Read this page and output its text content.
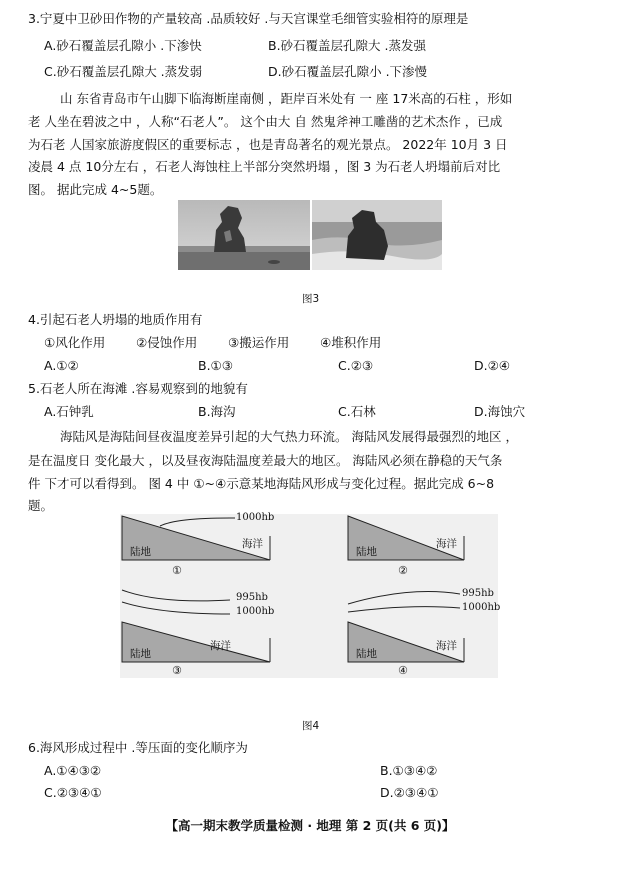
3.宁夏中卫砂田作物的产量较高 .品质较好 .与天宫课堂毛细管实验相符的原理是
A.砂石覆盖层孔隙小 .下渗快	B.砂石覆盖层孔隙大 .蒸发强
C.砂石覆盖层孔隙大 .蒸发弱	D.砂石覆盖层孔隙小 .下渗慢
山 东省青岛市午山脚下临海断崖南侧 ，距岸百米处有 一 座 17米高的石柱 ，形如
老 人坐在碧波之中 ，人称“石老人”。 这个由大 自 然鬼斧神工雕凿的艺术杰作 ，已成
为石老 人国家旅游度假区的重要标志 ，也是青岛著名的观光景点。 2022年 10月 3 日
凌晨 4 点 10分左右 ，石老人海蚀柱上半部分突然坍塌 ，图 3 为石老人坍塌前后对比
图。 据此完成 4~5题。
图3
4.引起石老人坍塌的地质作用有
①风化作用 ②侵蚀作用 ③搬运作用 ④堆积作用
A.①②	B.①③	C.②③	D.②④
5.石老人所在海滩 .容易观察到的地貌有
A.石钟乳	B.海沟	C.石林	D.海蚀穴
海陆风是海陆间昼夜温度差异引起的大气热力环流。 海陆风发展得最强烈的地区 ，
是在温度日 变化最大 ，以及昼夜海陆温度差最大的地区。 海陆风必须在静稳的天气条
件 下才可以看得到。 图 4 中 ①~④示意某地海陆风形成与变化过程。据此完成 6~8
题。
1000hb
陆地
海洋
①
陆地
海洋
②
995hb
1000hb
陆地
海洋
③
995hb
1000hb
陆地
海洋
④
图4
6.海风形成过程中 .等压面的变化顺序为
A.①④③②	B.①③④②
C.②③④①	D.②③④①
【高一期末教学质量检测 · 地理 第 2 页(共 6 页)】
